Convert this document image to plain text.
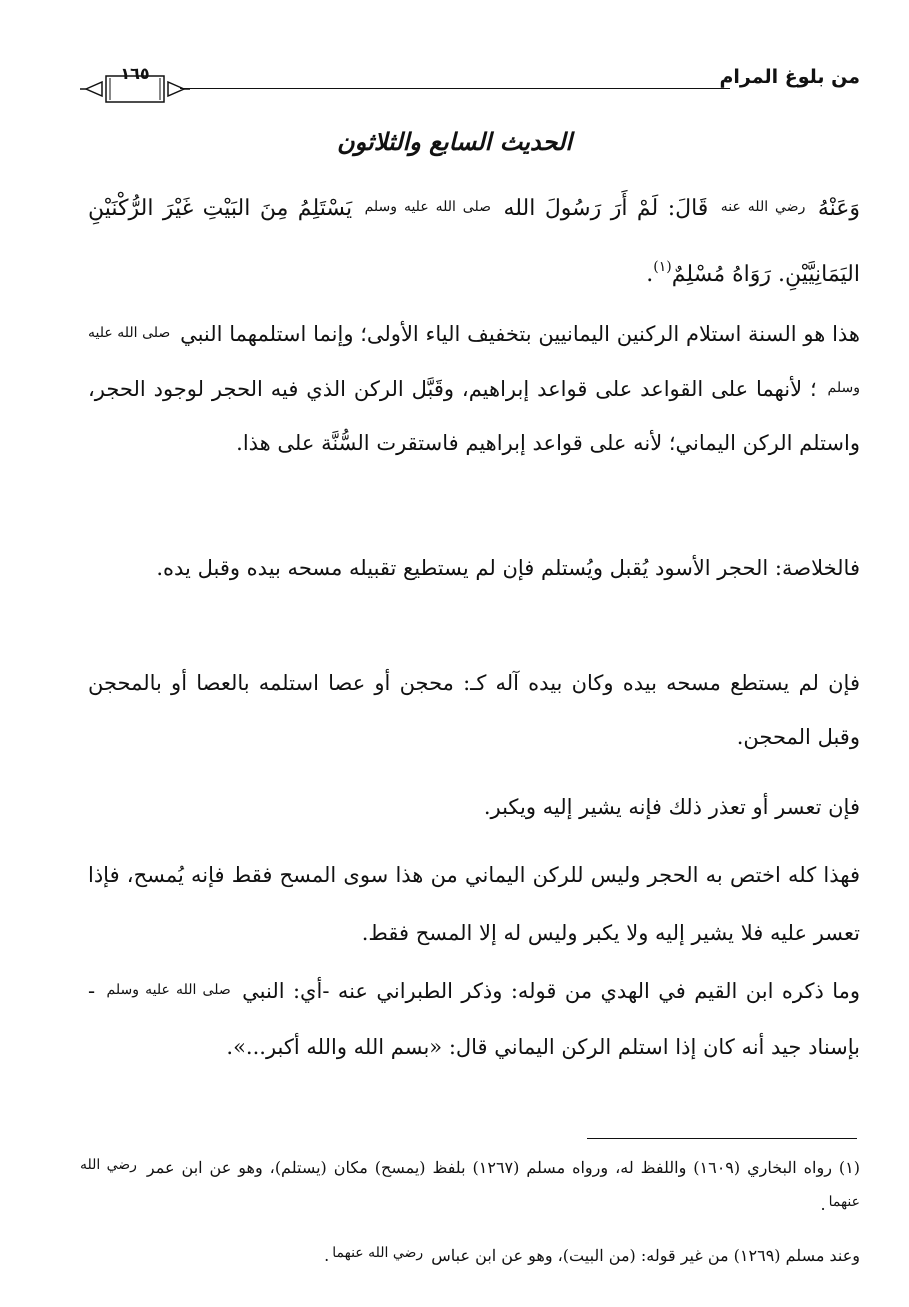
من بلوغ المرام
١٦٥
الحديث السابع والثلاثون
وَعَنْهُ رضي الله عنه قَالَ: لَمْ أَرَ رَسُولَ الله صلى الله عليه وسلم يَسْتَلِمُ مِنَ البَيْتِ غَيْرَ الرُّكْنَيْنِ اليَمَانِيَّيْنِ. رَوَاهُ مُسْلِمٌ$^{(١)}$.
هذا هو السنة استلام الركنين اليمانيين بتخفيف الياء الأولى؛ وإنما استلمهما النبي صلى الله عليه وسلم ؛ لأنهما على القواعد على قواعد إبراهيم، وقَبَّل الركن الذي فيه الحجر لوجود الحجر، واستلم الركن اليماني؛ لأنه على قواعد إبراهيم فاستقرت السُّنَّة على هذا.
فالخلاصة: الحجر الأسود يُقبل ويُستلم فإن لم يستطيع تقبيله مسحه بيده وقبل يده.
فإن لم يستطع مسحه بيده وكان بيده آله كـ: محجن أو عصا استلمه بالعصا أو بالمحجن وقبل المحجن.
فإن تعسر أو تعذر ذلك فإنه يشير إليه ويكبر.
فهذا كله اختص به الحجر وليس للركن اليماني من هذا سوى المسح فقط فإنه يُمسح، فإذا تعسر عليه فلا يشير إليه ولا يكبر وليس له إلا المسح فقط.
وما ذكره ابن القيم في الهدي من قوله: وذكر الطبراني عنه -أي: النبي صلى الله عليه وسلم - بإسناد جيد أنه كان إذا استلم الركن اليماني قال: «بسم الله والله أكبر...».
(١) رواه البخاري (١٦٠٩) واللفظ له، ورواه مسلم (١٢٦٧) بلفظ (يمسح) مكان (يستلم)، وهو عن ابن عمر رضي الله عنهما.
وعند مسلم (١٢٦٩) من غير قوله: (من البيت)، وهو عن ابن عباس رضي الله عنهما.
